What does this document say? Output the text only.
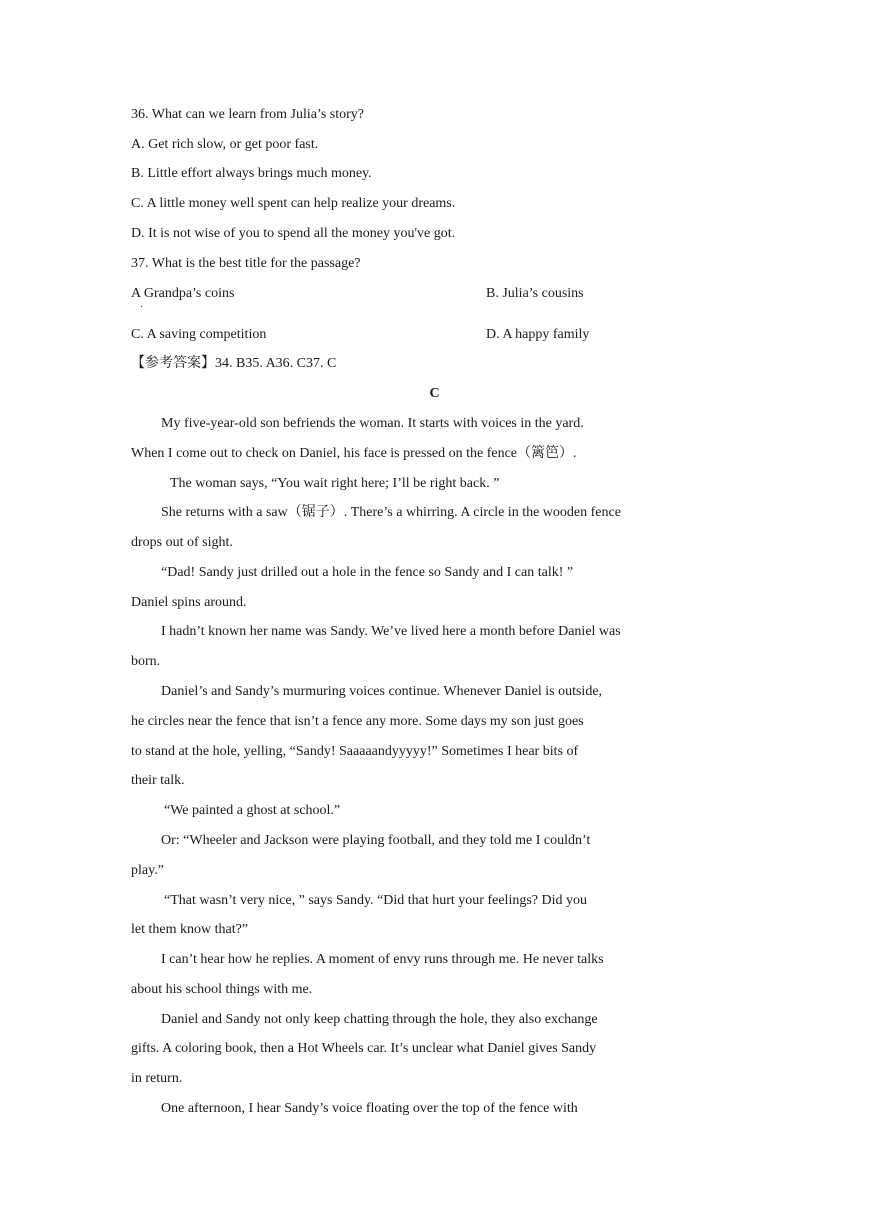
36. What can we learn from Julia’s story?
A. Get rich slow, or get poor fast.
B. Little effort always brings much money.
C. A little money well spent can help realize your dreams.
D. It is not wise of you to spend all the money you've got.
37. What is the best title for the passage?
A Grandpa’s coins
·
B. Julia’s cousins
C. A saving competition	D. A happy family
【参考答案】34. B35. A36. C37. C
C
My five-year-old son befriends the woman. It starts with voices in the yard.
When I come out to check on Daniel, his face is pressed on the fence（篱笆）.
The woman says, “You wait right here; I’ll be right back. ”
She returns with a saw（锯子）. There’s a whirring. A circle in the wooden fence
drops out of sight.
“Dad! Sandy just drilled out a hole in the fence so Sandy and I can talk! ”
Daniel spins around.
I hadn’t known her name was Sandy. We’ve lived here a month before Daniel was
born.
Daniel’s and Sandy’s murmuring voices continue. Whenever Daniel is outside,
he circles near the fence that isn’t a fence any more. Some days my son just goes
to stand at the hole, yelling, “Sandy! Saaaaandyyyyy!” Sometimes I hear bits of
their talk.
“We painted a ghost at school.”
Or: “Wheeler and Jackson were playing football, and they told me I couldn’t
play.”
“That wasn’t very nice, ” says Sandy. “Did that hurt your feelings? Did you
let them know that?”
I can’t hear how he replies. A moment of envy runs through me. He never talks
about his school things with me.
Daniel and Sandy not only keep chatting through the hole, they also exchange
gifts. A coloring book, then a Hot Wheels car. It’s unclear what Daniel gives Sandy
in return.
One afternoon, I hear Sandy’s voice floating over the top of the fence with
